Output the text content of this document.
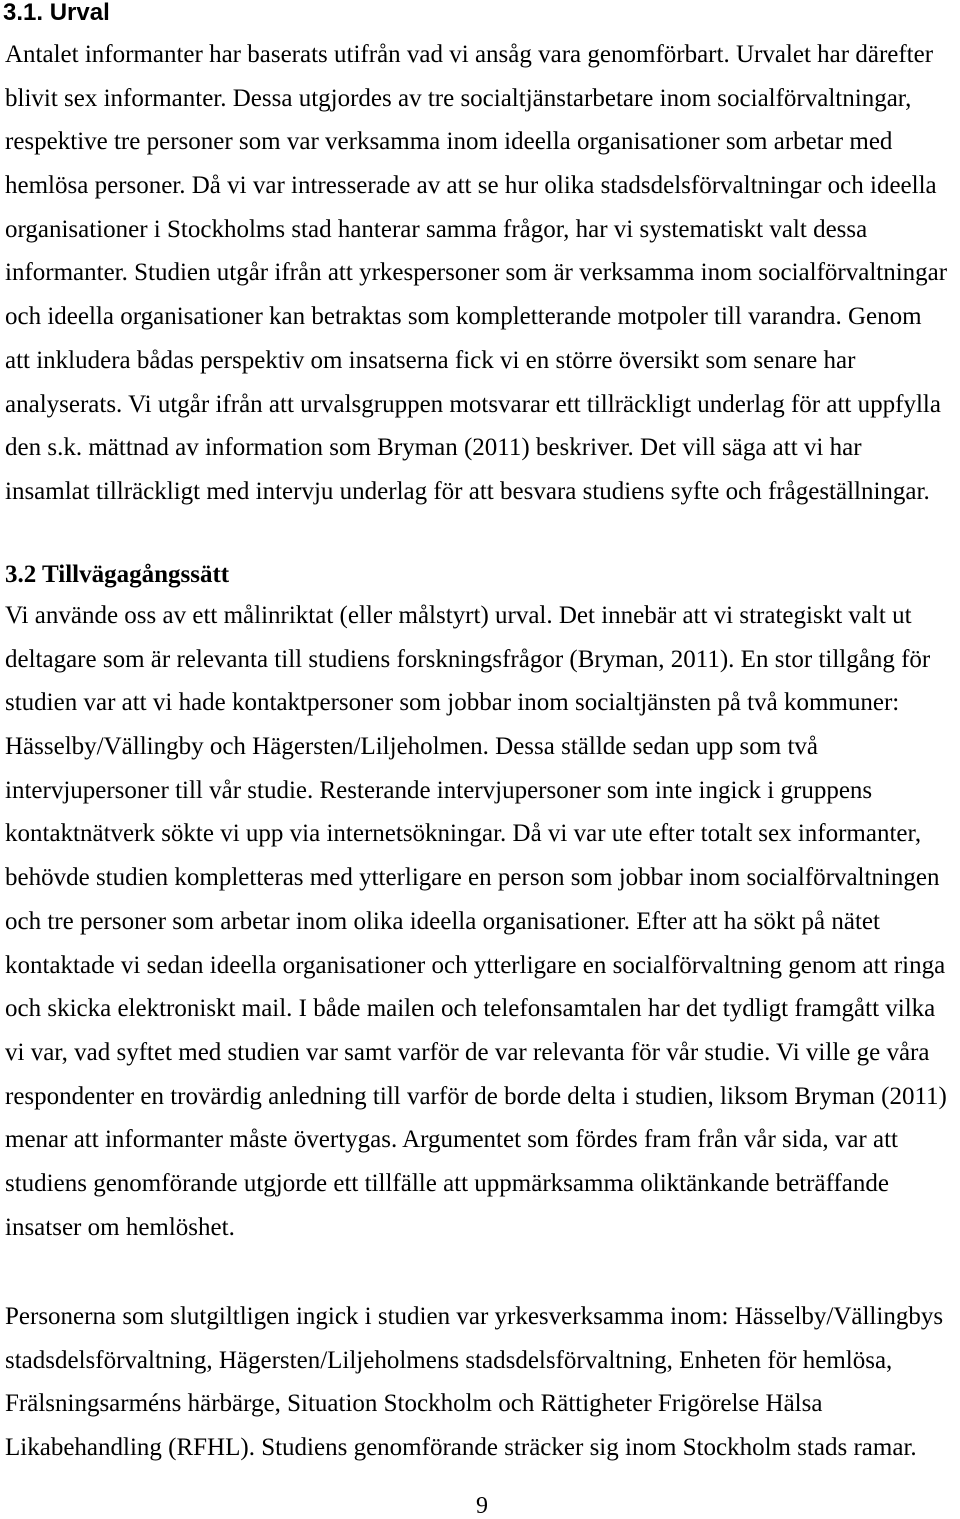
3.1. Urval
Antalet informanter har baserats utifrån vad vi ansåg vara genomförbart. Urvalet har därefter
blivit sex informanter. Dessa utgjordes av tre socialtjänstarbetare inom socialförvaltningar,
respektive tre personer som var verksamma inom ideella organisationer som arbetar med
hemlösa personer. Då vi var intresserade av att se hur olika stadsdelsförvaltningar och ideella
organisationer i Stockholms stad hanterar samma frågor, har vi systematiskt valt dessa
informanter. Studien utgår ifrån att yrkespersoner som är verksamma inom socialförvaltningar
och ideella organisationer kan betraktas som kompletterande motpoler till varandra. Genom
att inkludera bådas perspektiv om insatserna fick vi en större översikt som senare har
analyserats. Vi utgår ifrån att urvalsgruppen motsvarar ett tillräckligt underlag för att uppfylla
den s.k. mättnad av information som Bryman (2011) beskriver. Det vill säga att vi har
insamlat tillräckligt med intervju underlag för att besvara studiens syfte och frågeställningar.
3.2 Tillvägagångssätt
Vi använde oss av ett målinriktat (eller målstyrt) urval. Det innebär att vi strategiskt valt ut
deltagare som är relevanta till studiens forskningsfrågor (Bryman, 2011). En stor tillgång för
studien var att vi hade kontaktpersoner som jobbar inom socialtjänsten på två kommuner:
Hässelby/Vällingby och Hägersten/Liljeholmen. Dessa ställde sedan upp som två
intervjupersoner till vår studie. Resterande intervjupersoner som inte ingick i gruppens
kontaktnätverk sökte vi upp via internetsökningar. Då vi var ute efter totalt sex informanter,
behövde studien kompletteras med ytterligare en person som jobbar inom socialförvaltningen
och tre personer som arbetar inom olika ideella organisationer. Efter att ha sökt på nätet
kontaktade vi sedan ideella organisationer och ytterligare en socialförvaltning genom att ringa
och skicka elektroniskt mail. I både mailen och telefonsamtalen har det tydligt framgått vilka
vi var, vad syftet med studien var samt varför de var relevanta för vår studie. Vi ville ge våra
respondenter en trovärdig anledning till varför de borde delta i studien, liksom Bryman (2011)
menar att informanter måste övertygas. Argumentet som fördes fram från vår sida, var att
studiens genomförande utgjorde ett tillfälle att uppmärksamma oliktänkande beträffande
insatser om hemlöshet.
Personerna som slutgiltligen ingick i studien var yrkesverksamma inom: Hässelby/Vällingbys
stadsdelsförvaltning, Hägersten/Liljeholmens stadsdelsförvaltning, Enheten för hemlösa,
Frälsningsarméns härbärge, Situation Stockholm och Rättigheter Frigörelse Hälsa
Likabehandling (RFHL). Studiens genomförande sträcker sig inom Stockholm stads ramar.
9
